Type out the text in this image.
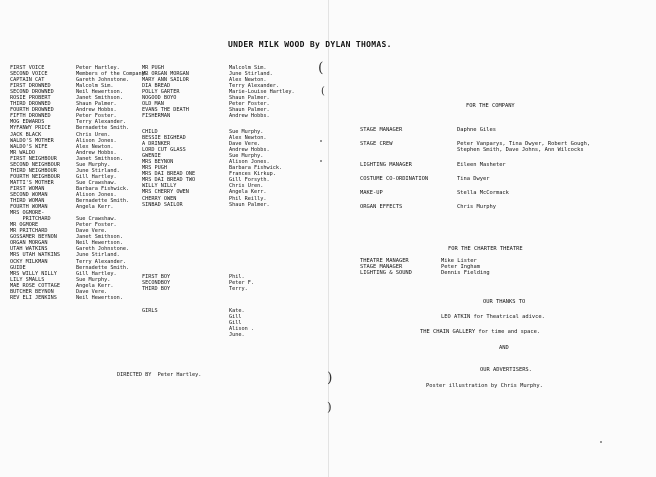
UNDER MILK WOOD By DYLAN THOMAS.
FIRST VOICE	Peter Hartley.
SECOND VOICE	Members of the Company.
CAPTAIN CAT	Gareth Johnstone.
FIRST DROWNED	Malcolm Sim.
SECOND DROWNED	Neil Hewertson.
ROSIE PROBERT	Janet Smithson.
THIRD DROWNED	Shaun Palmer.
FOURTH DROWNED	Andrew Hobbs.
FIFTH DROWNED	Peter Foster.
MOG EDWARDS	Terry Alexander.
MYFANWY PRICE	Bernadette Smith.
JACK BLACK	Chris Uren.
WALDO'S MOTHER	Alison Jones.
WALDO'S WIFE	Alex Newton.
MR WALDO	Andrew Hobbs.
FIRST NEIGHBOUR	Janet Smithson.
SECOND NEIGHBOUR	Sue Murphy.
THIRD NEIGHBOUR	June Stirland.
FOURTH NEIGHBOUR	Gill Hartley.
MATTI'S MOTHER	Sue Crawshaw.
FIRST WOMAN	Barbara Fishwick.
SECOND WOMAN	Alison Jones.
THIRD WOMAN	Bernadette Smith.
FOURTH WOMAN	Angela Kerr.
MRS OGMORE-
PRITCHARD	Sue Crawshaw.
MR OGMORE	Peter Foster.
MR PRITCHARD	Dave Vere.
GOSSAMER BEYNON	Janet Smithson.
ORGAN MORGAN	Neil Hewertson.
UTAH WATKINS	Gareth Johnstone.
MRS UTAH WATKINS	June Stirland.
OCKY MILKMAN	Terry Alexander.
GUIDE	Bernadette Smith.
MRS WILLY NILLY	Gill Hartley.
LILY SMALLS	Sue Murphy.
MAE ROSE COTTAGE	Angela Kerr.
BUTCHER BEYNON	Dave Vere.
REV ELI JENKINS	Neil Hewertson.
MR PUGH	Malcolm Sim.
MR ORGAN MORGAN	June Stirland.
MARY ANN SAILOR	Alex Newton.
DIA BREAD	Terry Alexander.
POLLY GARTER	Marie-Louise Hartley.
NOGOOD BOYO	Shaun Palmer.
OLD MAN	Peter Foster.
EVANS THE DEATH	Shaun Palmer.
FISHERMAN	Andrew Hobbs.
CHILD	Sue Murphy.
BESSIE BIGHEAD	Alex Newton.
A DRINKER	Dave Vere.
LORD CUT GLASS	Andrew Hobbs.
GWENIE	Sue Murphy.
MRS BEYNON	Alison Jones.
MRS PUGH	Barbara Fishwick.
MRS DAI BREAD ONE	Frances Kirkup.
MRS DAI BREAD TWO	Gill Forsyth.
WILLY NILLY	Chris Uren.
MRS CHERRY OWEN	Angela Kerr.
CHERRY OWEN	Phil Reilly.
SINBAD SAILOR	Shaun Palmer.
FIRST BOY	Phil.
SECONDBOY	Peter F.
THIRD BOY	Terry.
GIRLS	Kate.
Gill
Gill
Alison .
June.
DIRECTED BY  Peter Hartley.
(
(
)
)
FOR THE COMPANY
STAGE MANAGER	Daphne Giles
STAGE CREW	Peter Vanparys, Tina Dwyer, Robert Gough,
Stephen Smith, Dave Johns, Ann Wilcocks
LIGHTING MANAGER	Eileen Masheter
COSTUME CO-ORDINATION	Tina Dwyer
MAKE-UP	Stella McCormack
ORGAN EFFECTS	Chris Murphy
FOR THE CHARTER THEATRE
THEATRE MANAGER	Mike Lister
STAGE MANAGER	Peter Ingham
LIGHTING & SOUND	Dennis Fielding
OUR THANKS TO
LEO ATKIN for Theatrical adivce.
THE CHAIN GALLERY for time and space.
AND
OUR ADVERTISERS.
Poster illustration by Chris Murphy.
